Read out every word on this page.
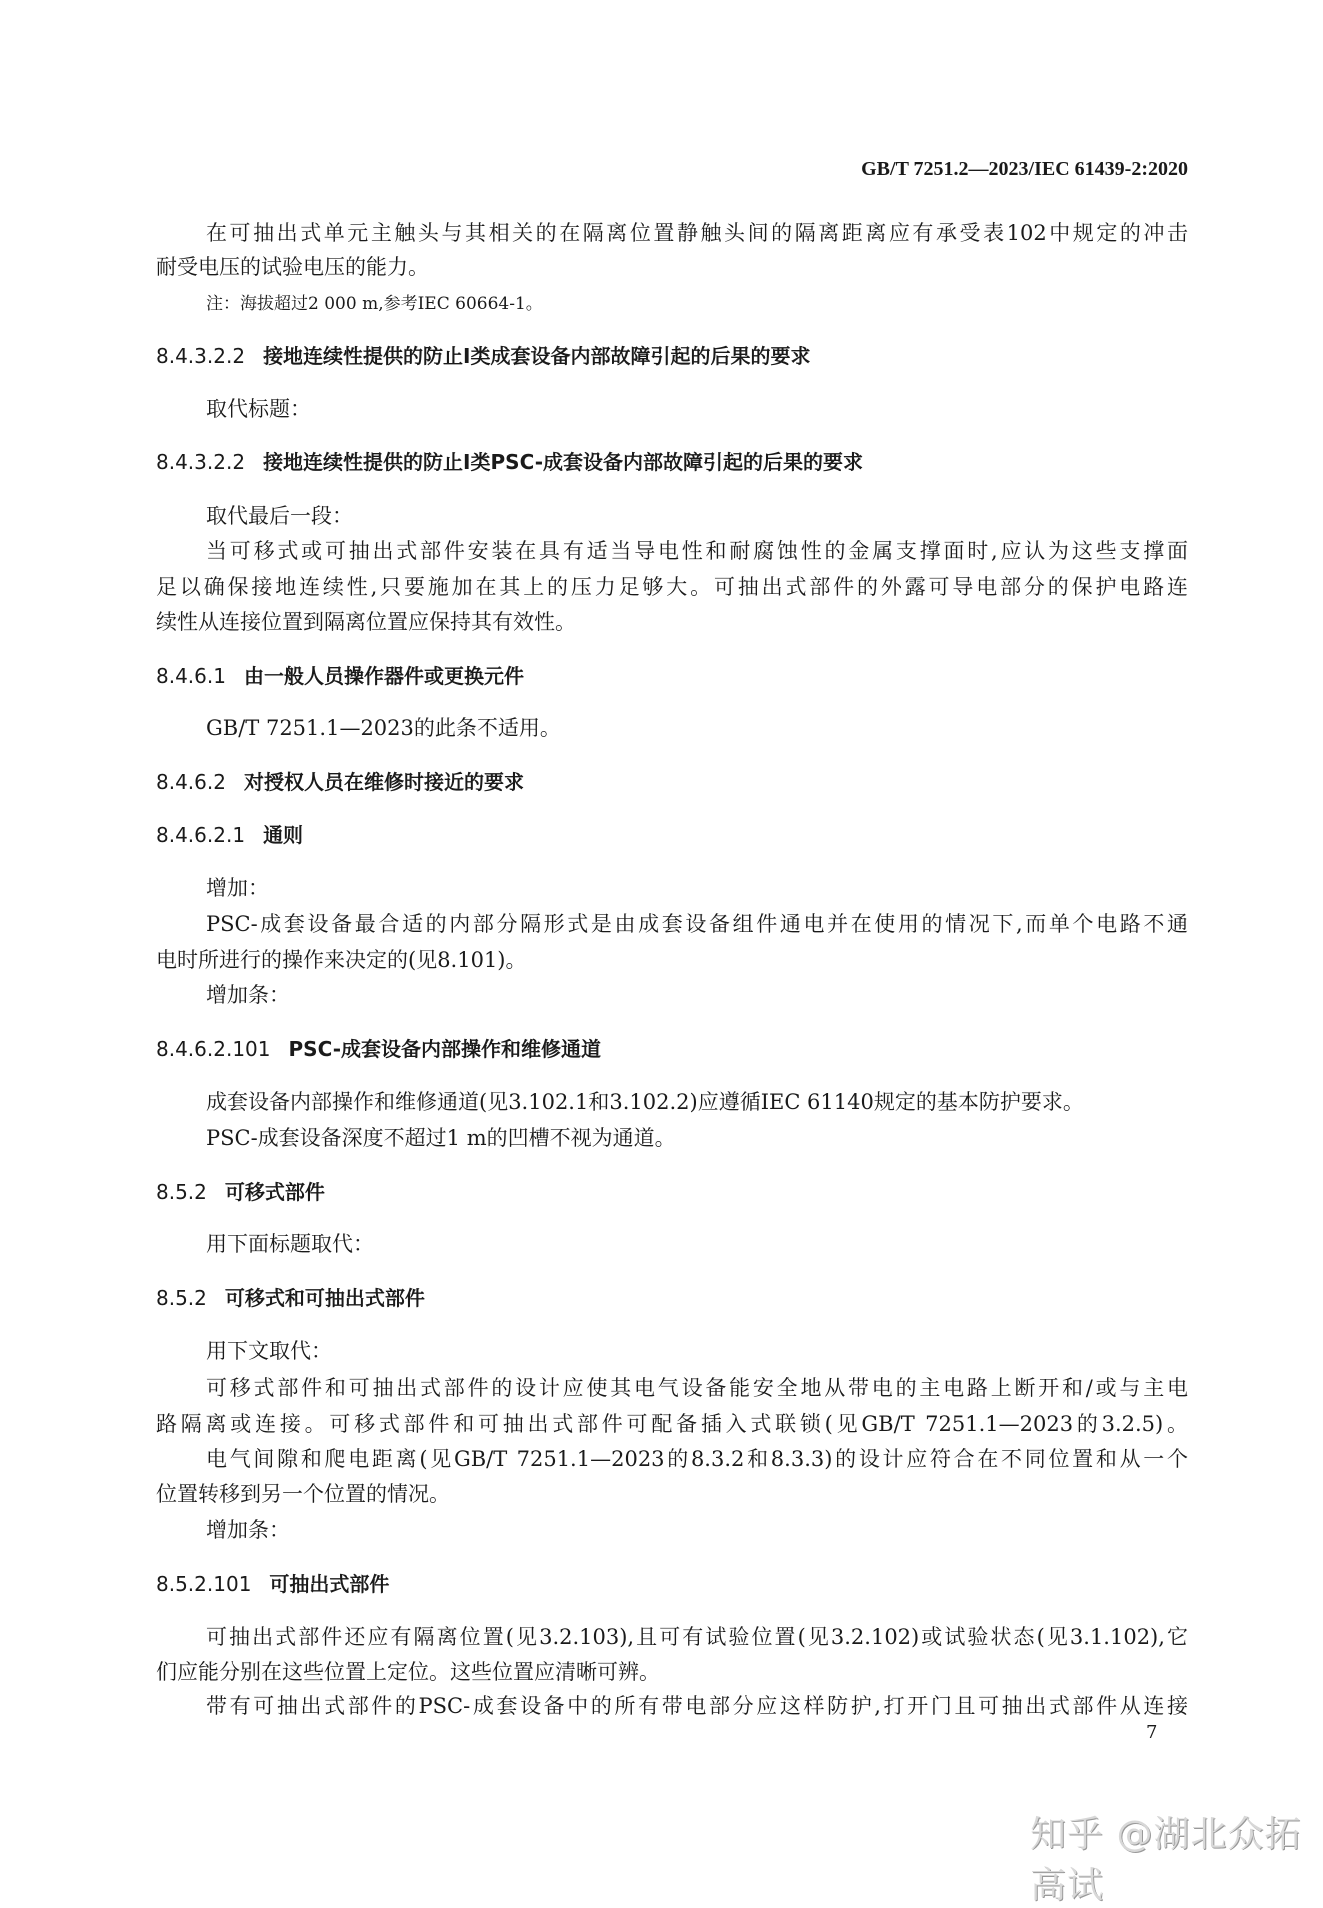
GB/T 7251.2—2023/IEC 61439-2:2020
在可抽出式单元主触头与其相关的在隔离位置静触头间的隔离距离应有承受表102中规定的冲击
耐受电压的试验电压的能力。
注：海拔超过2 000 m,参考IEC 60664-1。
8.4.3.2.2 接地连续性提供的防止I类成套设备内部故障引起的后果的要求
取代标题：
8.4.3.2.2 接地连续性提供的防止I类PSC-成套设备内部故障引起的后果的要求
取代最后一段：
当可移式或可抽出式部件安装在具有适当导电性和耐腐蚀性的金属支撑面时,应认为这些支撑面
足以确保接地连续性,只要施加在其上的压力足够大。可抽出式部件的外露可导电部分的保护电路连
续性从连接位置到隔离位置应保持其有效性。
8.4.6.1 由一般人员操作器件或更换元件
GB/T 7251.1—2023的此条不适用。
8.4.6.2 对授权人员在维修时接近的要求
8.4.6.2.1 通则
增加：
PSC-成套设备最合适的内部分隔形式是由成套设备组件通电并在使用的情况下,而单个电路不通
电时所进行的操作来决定的(见8.101)。
增加条：
8.4.6.2.101 PSC-成套设备内部操作和维修通道
成套设备内部操作和维修通道(见3.102.1和3.102.2)应遵循IEC 61140规定的基本防护要求。
PSC-成套设备深度不超过1 m的凹槽不视为通道。
8.5.2 可移式部件
用下面标题取代：
8.5.2 可移式和可抽出式部件
用下文取代：
可移式部件和可抽出式部件的设计应使其电气设备能安全地从带电的主电路上断开和/或与主电
路隔离或连接。可移式部件和可抽出式部件可配备插入式联锁(见GB/T 7251.1—2023的3.2.5)。
电气间隙和爬电距离(见GB/T 7251.1—2023的8.3.2和8.3.3)的设计应符合在不同位置和从一个
位置转移到另一个位置的情况。
增加条：
8.5.2.101 可抽出式部件
可抽出式部件还应有隔离位置(见3.2.103),且可有试验位置(见3.2.102)或试验状态(见3.1.102),它
们应能分别在这些位置上定位。这些位置应清晰可辨。
带有可抽出式部件的PSC-成套设备中的所有带电部分应这样防护,打开门且可抽出式部件从连接
7
知乎 @湖北众拓高试
